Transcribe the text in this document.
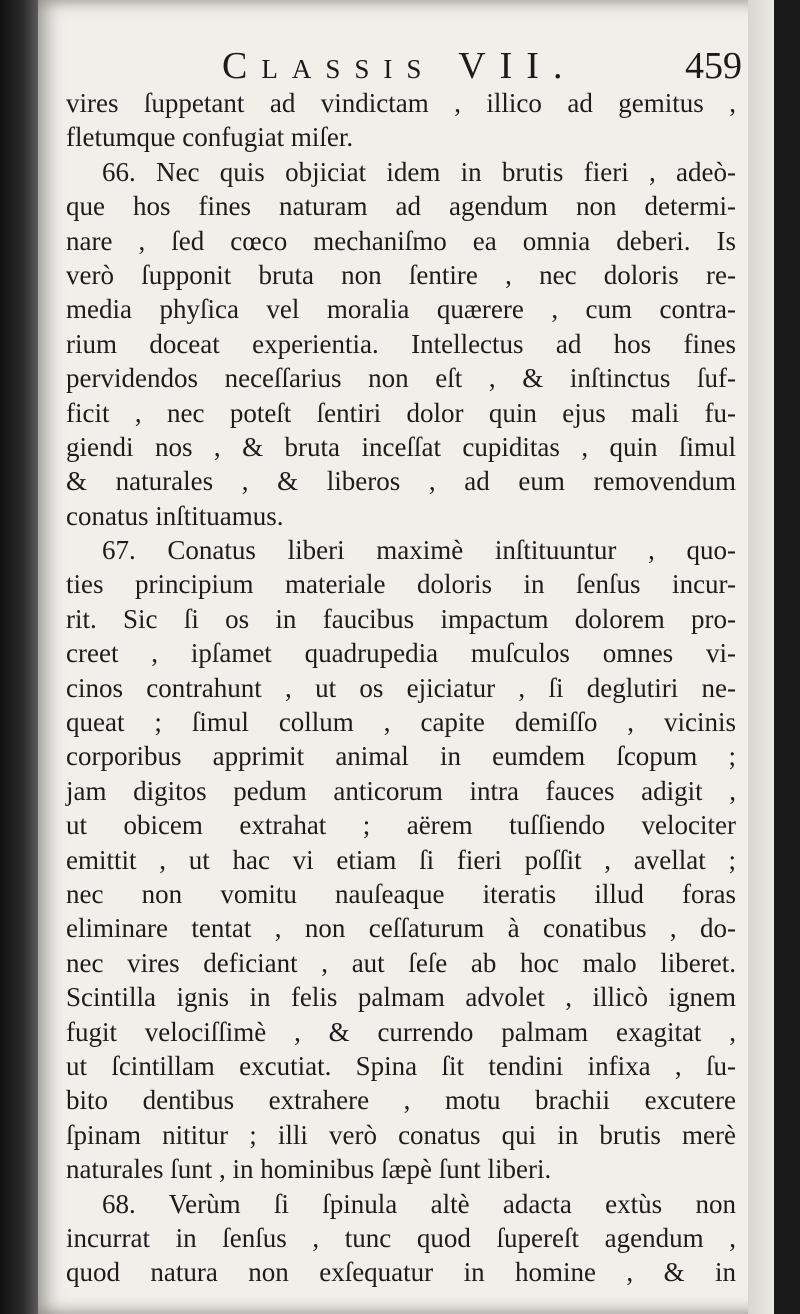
Classis VII.	459
vires ſuppetant ad vindictam , illico ad gemitus ,
fletumque confugiat miſer.
66. Nec quis objiciat idem in brutis fieri , adeò-
que hos fines naturam ad agendum non determi-
nare , ſed cœco mechaniſmo ea omnia deberi. Is
verò ſupponit bruta non ſentire , nec doloris re-
media phyſica vel moralia quærere , cum contra-
rium doceat experientia. Intellectus ad hos fines
pervidendos neceſſarius non eſt , & inſtinctus ſuf-
ficit , nec poteſt ſentiri dolor quin ejus mali fu-
giendi nos , & bruta inceſſat cupiditas , quin ſimul
& naturales , & liberos , ad eum removendum
conatus inſtituamus.
67. Conatus liberi maximè inſtituuntur , quo-
ties principium materiale doloris in ſenſus incur-
rit. Sic ſi os in faucibus impactum dolorem pro-
creet , ipſamet quadrupedia muſculos omnes vi-
cinos contrahunt , ut os ejiciatur , ſi deglutiri ne-
queat ; ſimul collum , capite demiſſo , vicinis
corporibus apprimit animal in eumdem ſcopum ;
jam digitos pedum anticorum intra fauces adigit ,
ut obicem extrahat ; aërem tuſſiendo velociter
emittit , ut hac vi etiam ſi fieri poſſit , avellat ;
nec non vomitu nauſeaque iteratis illud foras
eliminare tentat , non ceſſaturum à conatibus , do-
nec vires deficiant , aut ſeſe ab hoc malo liberet.
Scintilla ignis in felis palmam advolet , illicò ignem
fugit velociſſimè , & currendo palmam exagitat ,
ut ſcintillam excutiat. Spina ſit tendini infixa , ſu-
bito dentibus extrahere , motu brachii excutere
ſpinam nititur ; illi verò conatus qui in brutis merè
naturales ſunt , in hominibus ſæpè ſunt liberi.
68. Verùm ſi ſpinula altè adacta extùs non
incurrat in ſenſus , tunc quod ſupereſt agendum ,
quod natura non exſequatur in homine , & in
